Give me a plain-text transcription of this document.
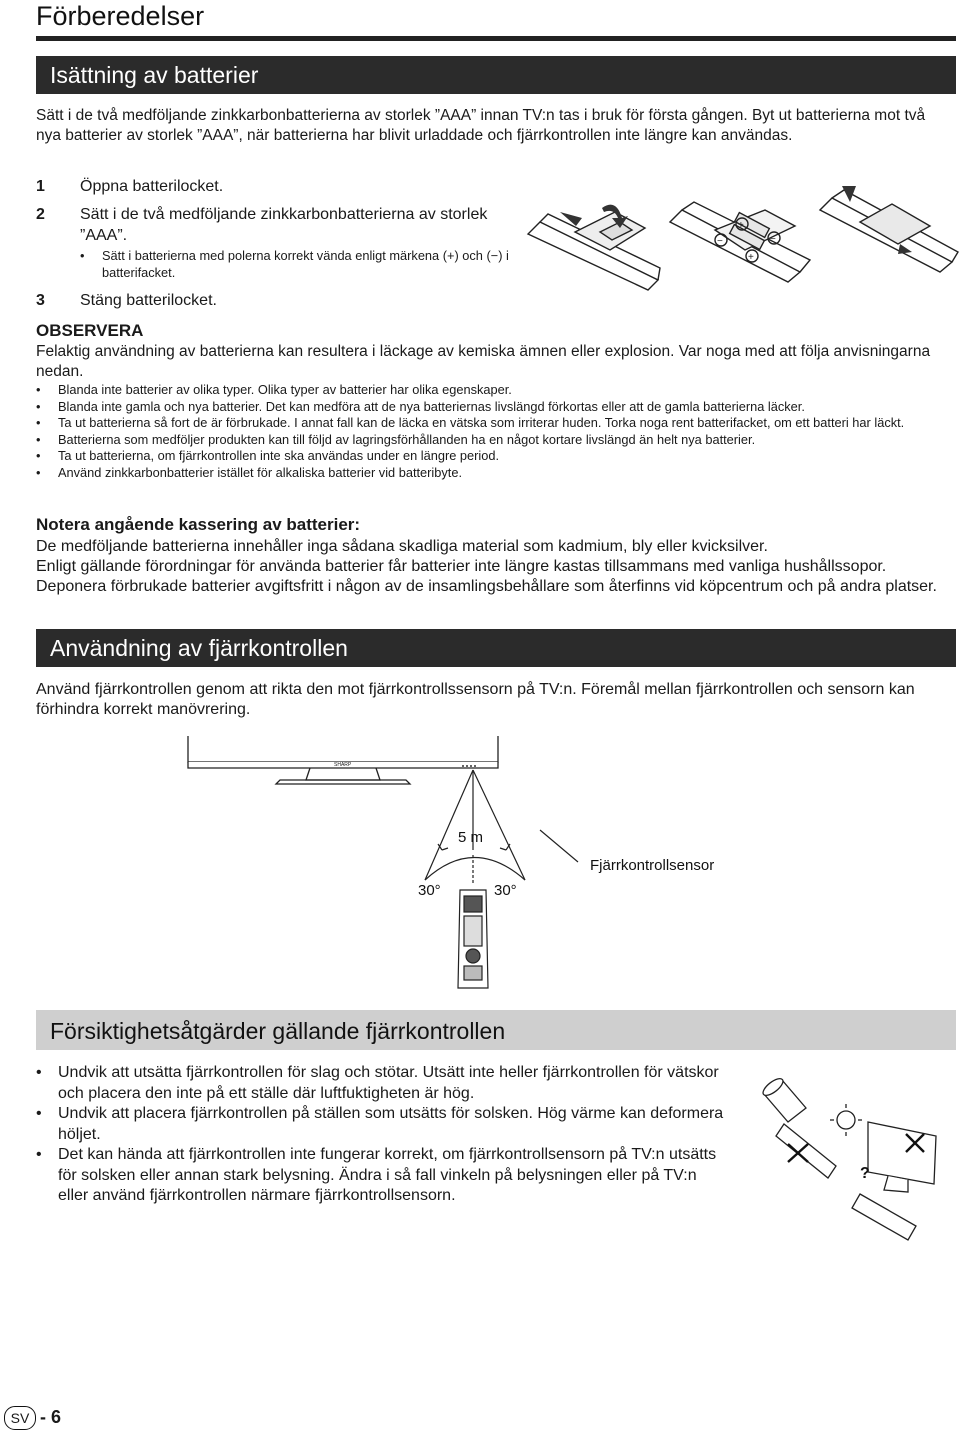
Förberedelser
Isättning av batterier
Sätt i de två medföljande zinkkarbonbatterierna av storlek ”AAA” innan TV:n tas i bruk för första gången. Byt ut batterierna mot två nya batterier av storlek ”AAA”, när batterierna har blivit urladdade och fjärrkontrollen inte längre kan användas.
1	Öppna batterilocket.
2	Sätt i de två medföljande zinkkarbonbatterierna av storlek ”AAA”.
• Sätt i batterierna med polerna korrekt vända enligt märkena (+) och (−) i batterifacket.
3	Stäng batterilocket.
+
−
−
+
OBSERVERA
Felaktig användning av batterierna kan resultera i läckage av kemiska ämnen eller explosion. Var noga med att följa anvisningarna nedan.
• Blanda inte batterier av olika typer. Olika typer av batterier har olika egenskaper.
• Blanda inte gamla och nya batterier. Det kan medföra att de nya batteriernas livslängd förkortas eller att de gamla batterierna läcker.
• Ta ut batterierna så fort de är förbrukade. I annat fall kan de läcka en vätska som irriterar huden. Torka noga rent batterifacket, om ett batteri har läckt.
• Batterierna som medföljer produkten kan till följd av lagringsförhållanden ha en något kortare livslängd än helt nya batterier.
• Ta ut batterierna, om fjärrkontrollen inte ska användas under en längre period.
• Använd zinkkarbonbatterier istället för alkaliska batterier vid batteribyte.
Notera angående kassering av batterier:
De medföljande batterierna innehåller inga sådana skadliga material som kadmium, bly eller kvicksilver.
Enligt gällande förordningar för använda batterier får batterier inte längre kastas tillsammans med vanliga hushållssopor. Deponera förbrukade batterier avgiftsfritt i någon av de insamlingsbehållare som återfinns vid köpcentrum och på andra platser.
Användning av fjärrkontrollen
Använd fjärrkontrollen genom att rikta den mot fjärrkontrollssensorn på TV:n. Föremål mellan fjärrkontrollen och sensorn kan förhindra korrekt manövrering.
SHARP
5 m
30°	30°
Fjärrkontrollsensor
Försiktighetsåtgärder gällande fjärrkontrollen
• Undvik att utsätta fjärrkontrollen för slag och stötar. Utsätt inte heller fjärrkontrollen för vätskor och placera den inte på ett ställe där luftfuktigheten är hög.
• Undvik att placera fjärrkontrollen på ställen som utsätts för solsken. Hög värme kan deformera höljet.
• Det kan hända att fjärrkontrollen inte fungerar korrekt, om fjärrkontrollsensorn på TV:n utsätts för solsken eller annan stark belysning. Ändra i så fall vinkeln på belysningen eller på TV:n eller använd fjärrkontrollen närmare fjärrkontrollsensorn.
?
SV - 6
